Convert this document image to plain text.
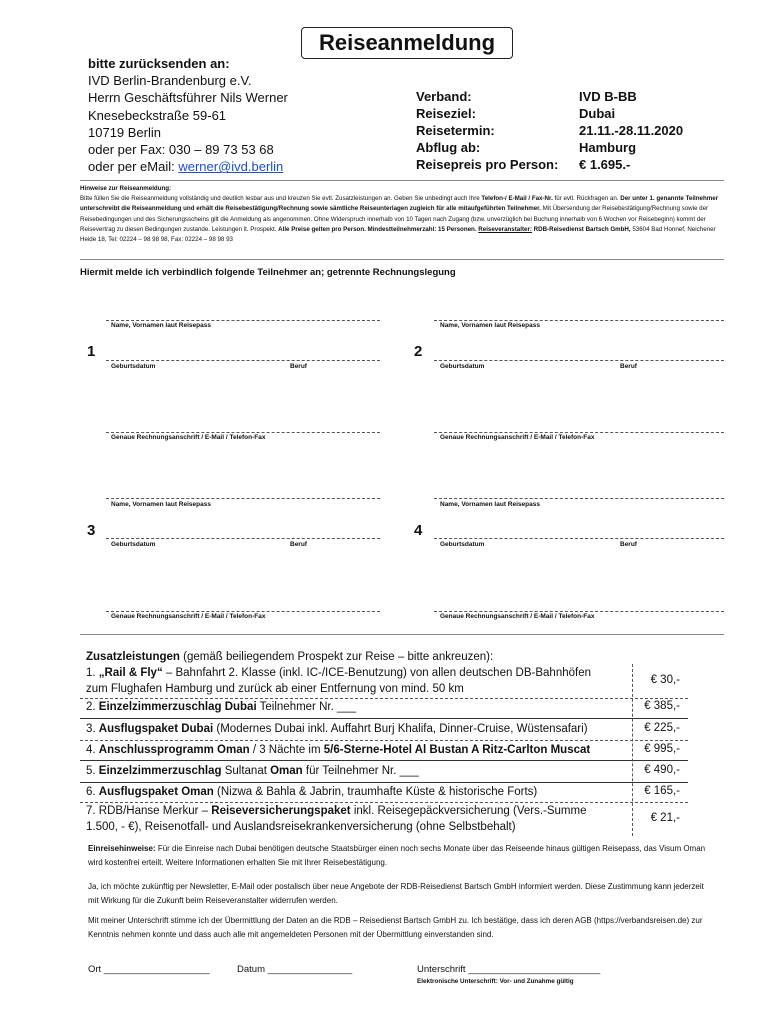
Reiseanmeldung
bitte zurücksenden an:
IVD Berlin-Brandenburg e.V.
Herrn Geschäftsführer Nils Werner
Knesebeckstraße 59-61
10719 Berlin
oder per Fax: 030 – 89 73 53 68
oder per eMail: werner@ivd.berlin
Verband:	IVD B-BB
Reiseziel:	Dubai
Reisetermin:	21.11.-28.11.2020
Abflug ab:	Hamburg
Reisepreis pro Person:	€ 1.695.-
Hinweise zur Reiseanmeldung:
Bitte füllen Sie die Reiseanmeldung vollständig und deutlich lesbar aus und kreuzen Sie evtl. Zusatzleistungen an. Geben Sie unbedingt auch Ihre Telefon-/ E-Mail / Fax-Nr. für evtl. Rückfragen an. Der unter 1. genannte Teilnehmer unterschreibt die Reiseanmeldung und erhält die Reisebestätigung/Rechnung sowie sämtliche Reiseunterlagen zugleich für alle mitaufgeführten Teilnehmer. Mit Übersendung der Reisebestätigung/Rechnung sowie der Reisebedingungen und des Sicherungsscheins gilt die Anmeldung als angenommen. Ohne Widerspruch innerhalb von 10 Tagen nach Zugang (bzw. unverzüglich bei Buchung innerhalb von 6 Wochen vor Reisebeginn) kommt der Reisevertrag zu diesen Bedingungen zustande. Leistungen lt. Prospekt. Alle Preise gelten pro Person. Mindestteilnehmerzahl: 15 Personen. Reiseveranstalter: RDB-Reisedienst Bartsch GmbH, 53604 Bad Honnef, Neichener Heide 18, Tel: 02224 – 98 98 98, Fax: 02224 – 98 98 93
Hiermit melde ich verbindlich folgende Teilnehmer an; getrennte Rechnungslegung
Name, Vornamen laut Reisepass
1
Geburtsdatum	Beruf
Genaue Rechnungsanschrift / E-Mail / Telefon-Fax
Name, Vornamen laut Reisepass
2
Geburtsdatum	Beruf
Genaue Rechnungsanschrift / E-Mail / Telefon-Fax
Name, Vornamen laut Reisepass
3
Geburtsdatum	Beruf
Genaue Rechnungsanschrift / E-Mail / Telefon-Fax
Name, Vornamen laut Reisepass
4
Geburtsdatum	Beruf
Genaue Rechnungsanschrift / E-Mail / Telefon-Fax
Zusatzleistungen (gemäß beiliegendem Prospekt zur Reise – bitte ankreuzen):
1. „Rail & Fly“ – Bahnfahrt 2. Klasse (inkl. IC-/ICE-Benutzung) von allen deutschen DB-Bahnhöfen
zum Flughafen Hamburg und zurück ab einer Entfernung von mind. 50 km
€ 30,-
2. Einzelzimmerzuschlag Dubai Teilnehmer Nr. ___	€ 385,-
3. Ausflugspaket Dubai (Modernes Dubai inkl. Auffahrt Burj Khalifa, Dinner-Cruise, Wüstensafari)	€ 225,-
4. Anschlussprogramm Oman / 3 Nächte im 5/6-Sterne-Hotel Al Bustan A Ritz-Carlton Muscat	€ 995,-
5. Einzelzimmerzuschlag Sultanat Oman für Teilnehmer Nr. ___	€ 490,-
6. Ausflugspaket Oman (Nizwa & Bahla & Jabrin, traumhafte Küste & historische Forts)	€ 165,-
7. RDB/Hanse Merkur – Reiseversicherungspaket inkl. Reisegepäckversicherung (Vers.-Summe
1.500, - €), Reisenotfall- und Auslandsreisekrankenversicherung (ohne Selbstbehalt)
€ 21,-
Einreisehinweise: Für die Einreise nach Dubai benötigen deutsche Staatsbürger einen noch sechs Monate über das Reiseende hinaus gültigen Reisepass, das Visum Oman wird kostenfrei erteilt. Weitere Informationen erhalten Sie mit Ihrer Reisebestätigung.
Ja, ich möchte zukünftig per Newsletter, E-Mail oder postalisch über neue Angebote der RDB-Reisedienst Bartsch GmbH informiert werden. Diese Zustimmung kann jederzeit mit Wirkung für die Zukunft beim Reiseveranstalter widerrufen werden.
Mit meiner Unterschrift stimme ich der Übermittlung der Daten an die RDB – Reisedienst Bartsch GmbH zu. Ich bestätige, dass ich deren AGB (https://verbandsreisen.de) zur Kenntnis nehmen konnte und dass auch alle mit angemeldeten Personen mit der Übermittlung einverstanden sind.
Ort ____________________	Datum ________________	Unterschrift _________________________
Elektronische Unterschrift: Vor- und Zunahme gültig
